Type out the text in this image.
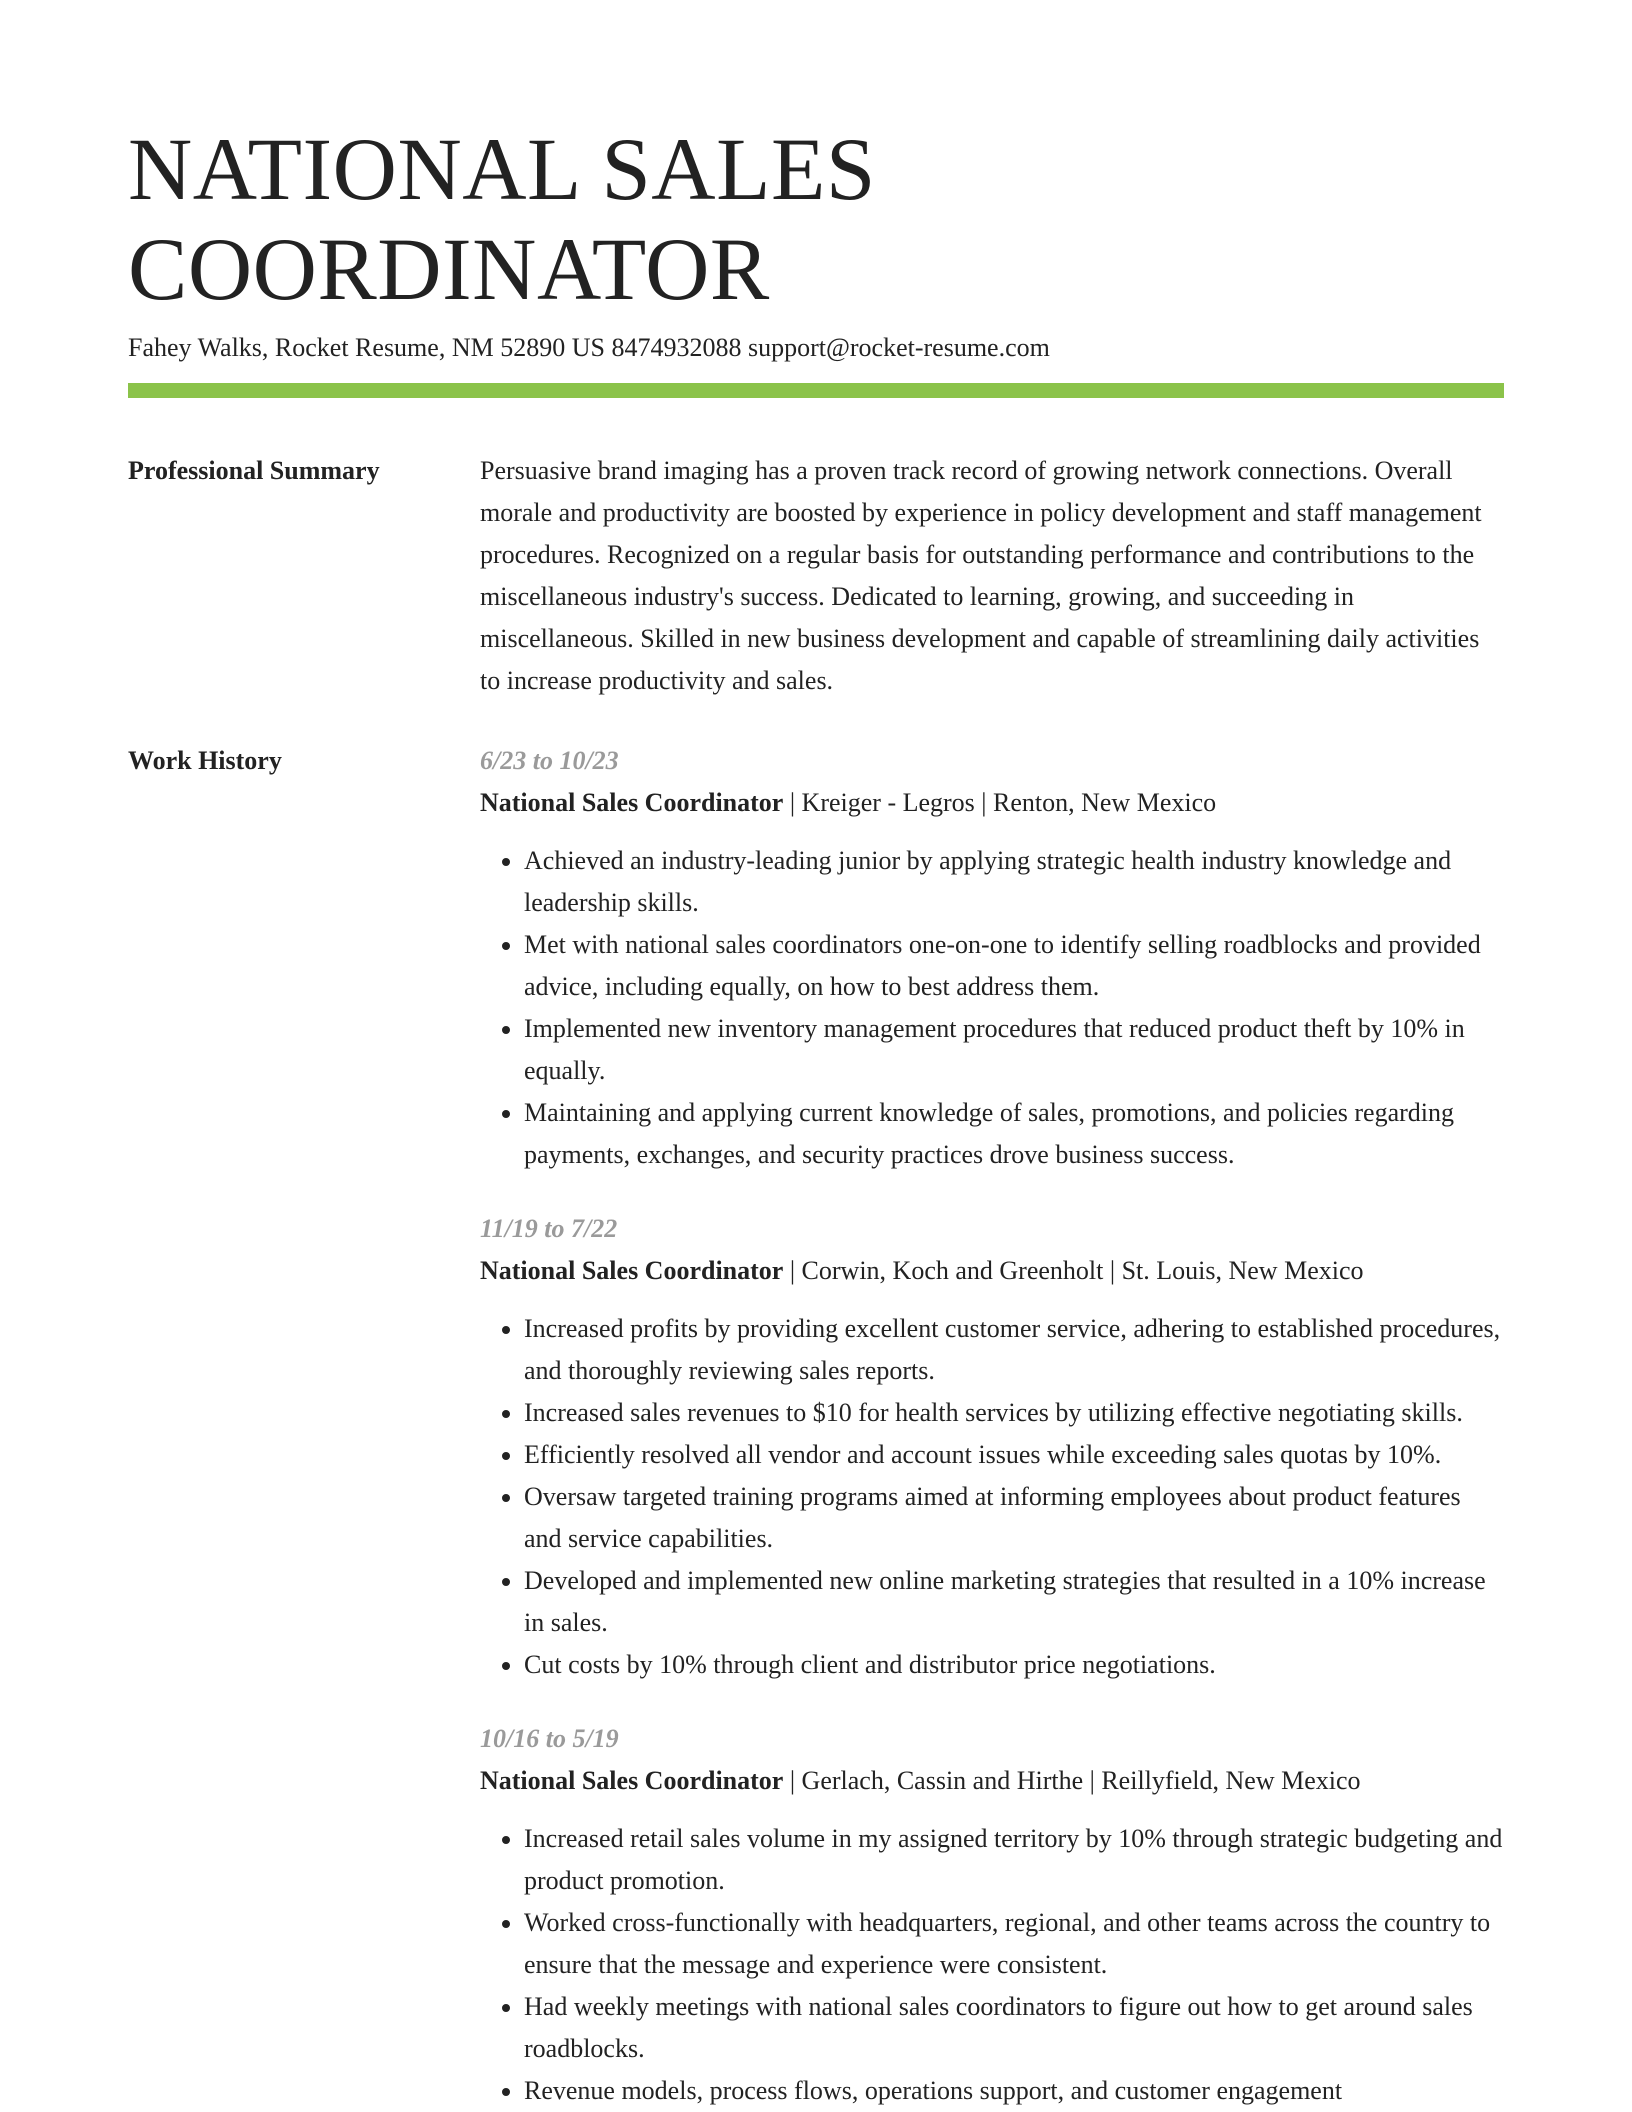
NATIONAL SALES COORDINATOR
Fahey Walks, Rocket Resume, NM 52890 US 8474932088 support@rocket-resume.com
Professional Summary	Persuasive brand imaging has a proven track record of growing network connections. Overall morale and productivity are boosted by experience in policy development and staff management procedures. Recognized on a regular basis for outstanding performance and contributions to the miscellaneous industry's success. Dedicated to learning, growing, and succeeding in miscellaneous. Skilled in new business development and capable of streamlining daily activities to increase productivity and sales.

Work History	6/23 to 10/23

National Sales Coordinator | Kreiger - Legros | Renton, New Mexico

• Achieved an industry-leading junior by applying strategic health industry knowledge and leadership skills.
• Met with national sales coordinators one-on-one to identify selling roadblocks and provided advice, including equally, on how to best address them.
• Implemented new inventory management procedures that reduced product theft by 10% in equally.
• Maintaining and applying current knowledge of sales, promotions, and policies regarding payments, exchanges, and security practices drove business success.
11/19 to 7/22

National Sales Coordinator | Corwin, Koch and Greenholt | St. Louis, New Mexico

• Increased profits by providing excellent customer service, adhering to established procedures, and thoroughly reviewing sales reports.
• Increased sales revenues to $10 for health services by utilizing effective negotiating skills.
• Efficiently resolved all vendor and account issues while exceeding sales quotas by 10%.
• Oversaw targeted training programs aimed at informing employees about product features and service capabilities.
• Developed and implemented new online marketing strategies that resulted in a 10% increase in sales.
• Cut costs by 10% through client and distributor price negotiations.
10/16 to 5/19

National Sales Coordinator | Gerlach, Cassin and Hirthe | Reillyfield, New Mexico

• Increased retail sales volume in my assigned territory by 10% through strategic budgeting and product promotion.
• Worked cross-functionally with headquarters, regional, and other teams across the country to ensure that the message and experience were consistent.
• Had weekly meetings with national sales coordinators to figure out how to get around sales roadblocks.
• Revenue models, process flows, operations support, and customer engagement
